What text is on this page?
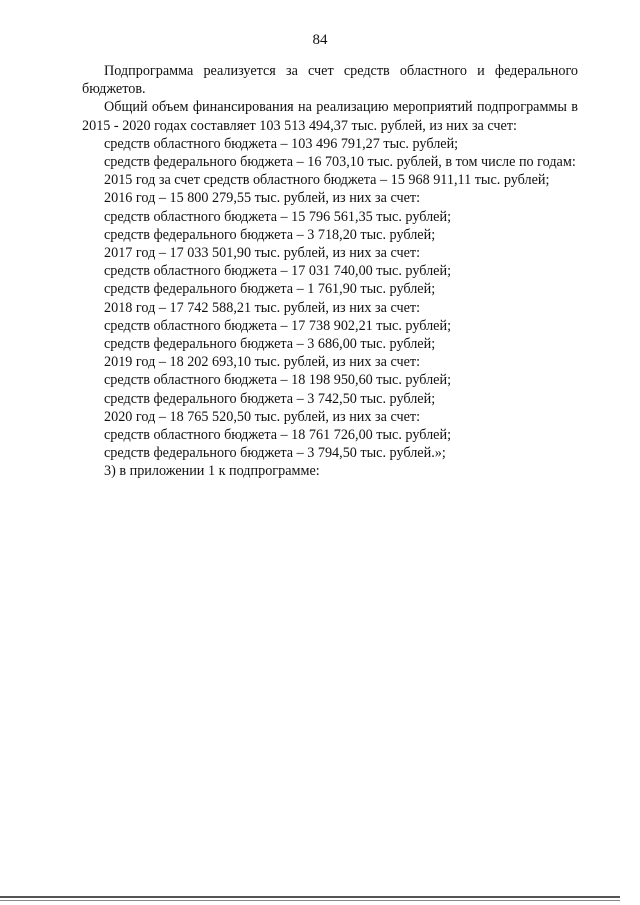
84

Подпрограмма реализуется за счет средств областного и федерального бюджетов.

Общий объем финансирования на реализацию мероприятий подпрограммы в 2015 - 2020 годах составляет 103 513 494,37 тыс. рублей, из них за счет:

средств областного бюджета – 103 496 791,27 тыс. рублей;

средств федерального бюджета – 16 703,10 тыс. рублей, в том числе по годам:

2015 год за счет средств областного бюджета – 15 968 911,11 тыс. рублей;

2016 год – 15 800 279,55 тыс. рублей, из них за счет:

средств областного бюджета – 15 796 561,35 тыс. рублей;

средств федерального бюджета – 3 718,20 тыс. рублей;

2017 год – 17 033 501,90 тыс. рублей, из них за счет:

средств областного бюджета – 17 031 740,00 тыс. рублей;

средств федерального бюджета – 1 761,90 тыс. рублей;

2018 год – 17 742 588,21 тыс. рублей, из них за счет:

средств областного бюджета – 17 738 902,21 тыс. рублей;

средств федерального бюджета – 3 686,00 тыс. рублей;

2019 год – 18 202 693,10 тыс. рублей, из них за счет:

средств областного бюджета – 18 198 950,60 тыс. рублей;

средств федерального бюджета – 3 742,50 тыс. рублей;

2020 год – 18 765 520,50 тыс. рублей, из них за счет:

средств областного бюджета – 18 761 726,00 тыс. рублей;

средств федерального бюджета – 3 794,50 тыс. рублей.»;

3) в приложении 1 к подпрограмме:
